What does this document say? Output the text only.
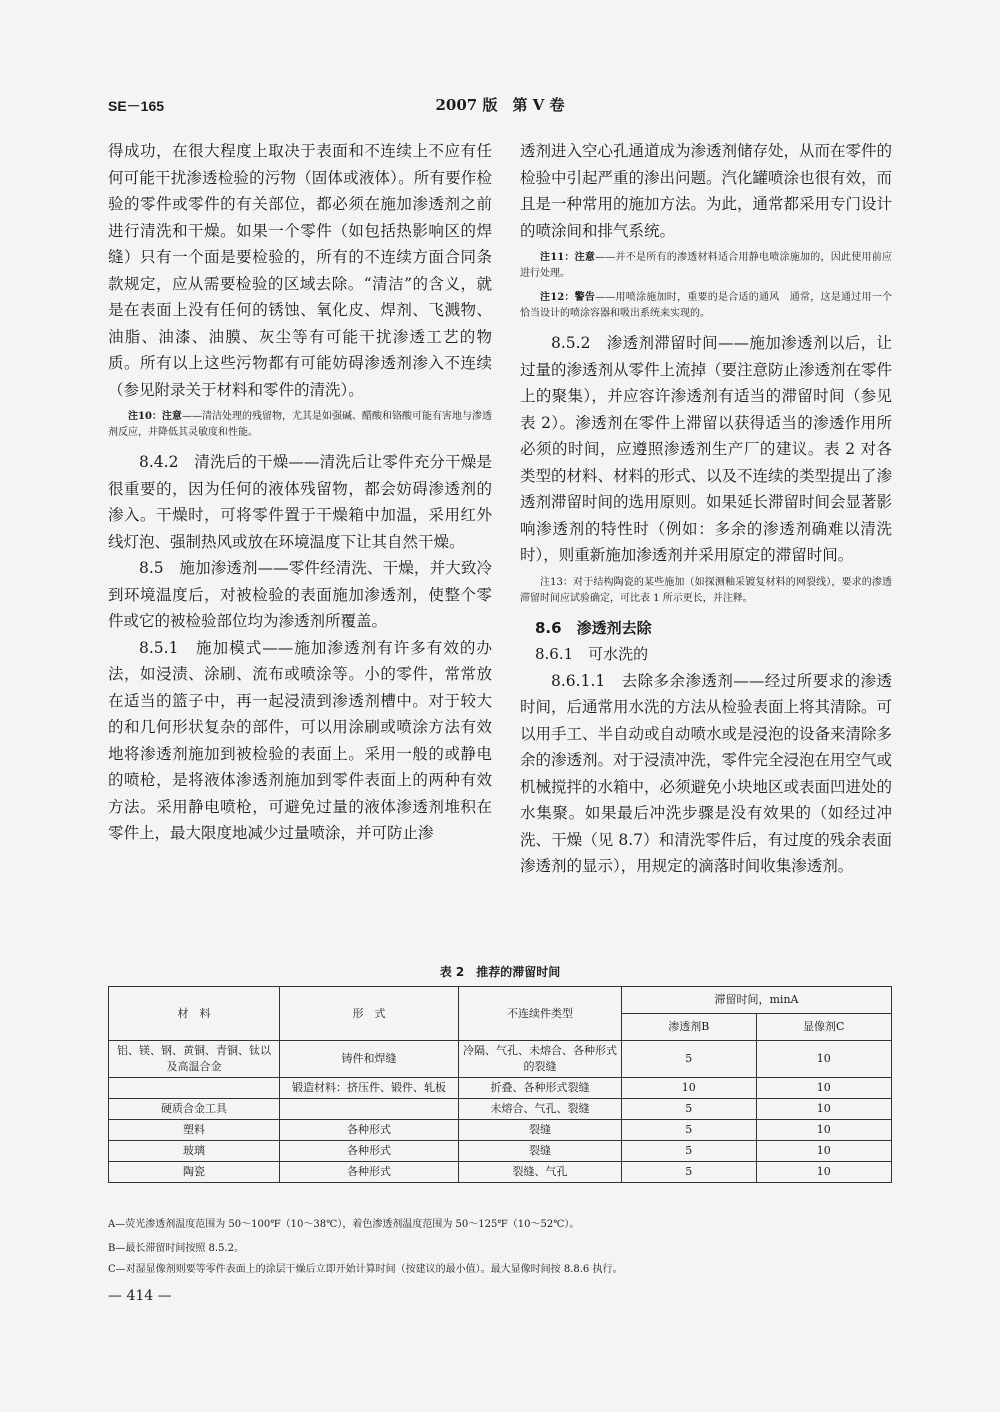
SE－165	2007 版　第 V 卷

得成功，在很大程度上取决于表面和不连续上不应有任何可能干扰渗透检验的污物（固体或液体）。所有要作检验的零件或零件的有关部位，都必须在施加渗透剂之前进行清洗和干燥。如果一个零件（如包括热影响区的焊缝）只有一个面是要检验的，所有的不连续方面合同条款规定，应从需要检验的区域去除。“清洁”的含义，就是在表面上没有任何的锈蚀、氧化皮、焊剂、飞溅物、油脂、油漆、油膜、灰尘等有可能干扰渗透工艺的物质。所有以上这些污物都有可能妨碍渗透剂渗入不连续（参见附录关于材料和零件的清洗）。

注10：注意——清洁处理的残留物，尤其是如强碱、醋酸和铬酸可能有害地与渗透剂反应，并降低其灵敏度和性能。

8.4.2　清洗后的干燥——清洗后让零件充分干燥是很重要的，因为任何的液体残留物，都会妨碍渗透剂的渗入。干燥时，可将零件置于干燥箱中加温，采用红外线灯泡、强制热风或放在环境温度下让其自然干燥。

8.5　施加渗透剂——零件经清洗、干燥，并大致冷到环境温度后，对被检验的表面施加渗透剂，使整个零件或它的被检验部位均为渗透剂所覆盖。

8.5.1　施加模式——施加渗透剂有许多有效的办法，如浸渍、涂刷、流布或喷涂等。小的零件，常常放在适当的篮子中，再一起浸渍到渗透剂槽中。对于较大的和几何形状复杂的部件，可以用涂刷或喷涂方法有效地将渗透剂施加到被检验的表面上。采用一般的或静电的喷枪，是将液体渗透剂施加到零件表面上的两种有效方法。采用静电喷枪，可避免过量的液体渗透剂堆积在零件上，最大限度地减少过量喷涂，并可防止渗

透剂进入空心孔通道成为渗透剂储存处，从而在零件的检验中引起严重的渗出问题。汽化罐喷涂也很有效，而且是一种常用的施加方法。为此，通常都采用专门设计的喷涂间和排气系统。

注11：注意——并不是所有的渗透材料适合用静电喷涂施加的，因此使用前应进行处理。

注12：警告——用喷涂施加时，重要的是合适的通风　通常，这是通过用一个恰当设计的喷涂容器和吸出系统来实现的。

8.5.2　渗透剂滞留时间——施加渗透剂以后，让过量的渗透剂从零件上流掉（要注意防止渗透剂在零件上的聚集），并应容许渗透剂有适当的滞留时间（参见表 2）。渗透剂在零件上滞留以获得适当的渗透作用所必须的时间，应遵照渗透剂生产厂的建议。表 2 对各类型的材料、材料的形式、以及不连续的类型提出了渗透剂滞留时间的选用原则。如果延长滞留时间会显著影响渗透剂的特性时（例如：多余的渗透剂确难以清洗时），则重新施加渗透剂并采用原定的滞留时间。

注13：对于结构陶瓷的某些施加（如探测釉采镀复材料的网裂线），要求的渗透滞留时间应试验确定，可比表 1 所示更长，并注释。

8.6　渗透剂去除

8.6.1　可水洗的

8.6.1.1　去除多余渗透剂——经过所要求的渗透时间，后通常用水洗的方法从检验表面上将其清除。可以用手工、半自动或自动喷水或是浸泡的设备来清除多余的渗透剂。对于浸渍冲洗，零件完全浸泡在用空气或机械搅拌的水箱中，必须避免小块地区或表面凹进处的水集聚。如果最后冲洗步骤是没有效果的（如经过冲洗、干燥（见 8.7）和清洗零件后，有过度的残余表面渗透剂的显示），用规定的滴落时间收集渗透剂。

表 2　推荐的滞留时间
材　料	形　式	不连续件类型	滞留时间，minA	
			渗透剂B	显像剂C
铝、镁、钢、黄铜、青铜、钛以及高温合金	铸件和焊缝	冷隔、气孔、未熔合、各种形式的裂缝	5	10
	锻造材料：挤压件、锻件、轧板	折叠、各种形式裂缝	10	10
硬质合金工具		未熔合、气孔、裂缝	5	10
塑料	各种形式	裂缝	5	10
玻璃	各种形式	裂缝	5	10
陶瓷	各种形式	裂缝、气孔	5	10
A—荧光渗透剂温度范围为 50～100℉（10～38℃），着色渗透剂温度范围为 50～125℉（10～52℃）。
B—最长滞留时间按照 8.5.2。
C—对湿显像剂则要等零件表面上的涂层干燥后立即开始计算时间（按建议的最小值）。最大显像时间按 8.8.6 执行。
— 414 —
